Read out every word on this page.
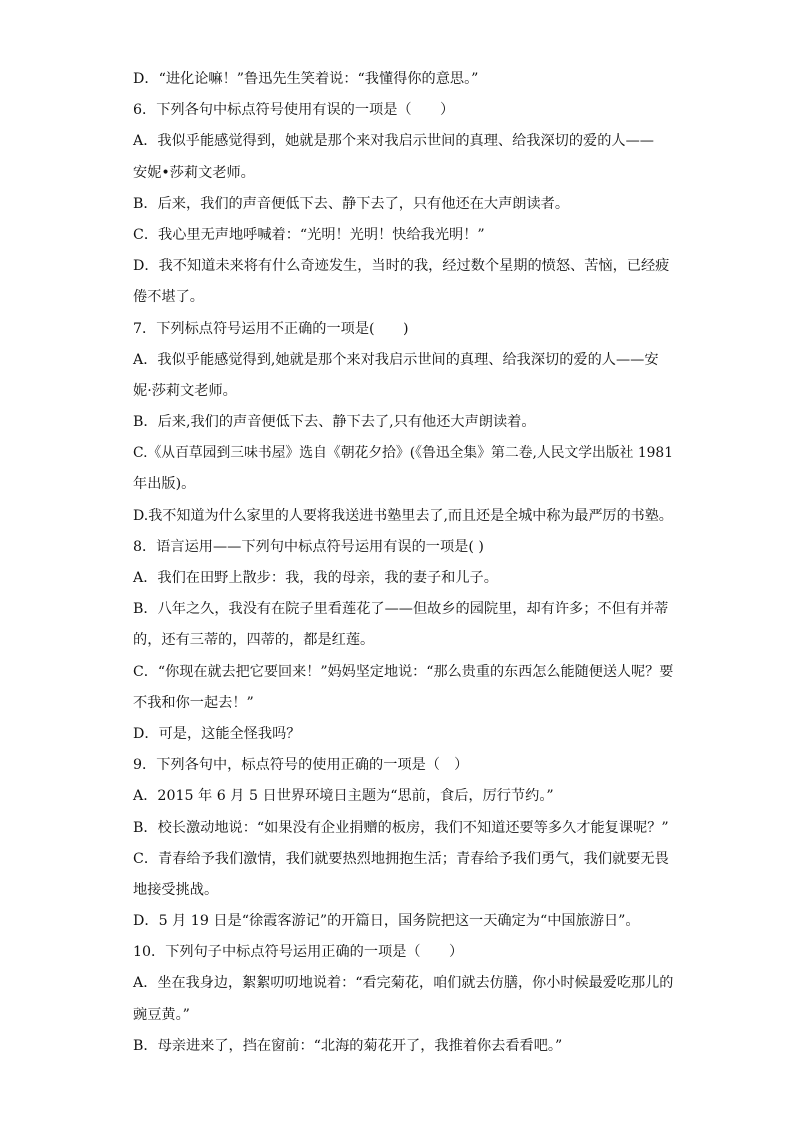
D．“进化论嘛！”鲁迅先生笑着说：“我懂得你的意思。”
6．下列各句中标点符号使用有误的一项是（　　）
A．我似乎能感觉得到，她就是那个来对我启示世间的真理、给我深切的爱的人——
安妮•莎莉文老师。
B．后来，我们的声音便低下去、静下去了，只有他还在大声朗读者。
C．我心里无声地呼喊着：“光明！光明！快给我光明！”
D．我不知道未来将有什么奇迹发生，当时的我，经过数个星期的愤怒、苦恼，已经疲
倦不堪了。
7．下列标点符号运用不正确的一项是(　　)
A．我似乎能感觉得到,她就是那个来对我启示世间的真理、给我深切的爱的人——安
妮·莎莉文老师。
B．后来,我们的声音便低下去、静下去了,只有他还大声朗读着。
C.《从百草园到三味书屋》选自《朝花夕拾》(《鲁迅全集》第二卷,人民文学出版社 1981
年出版)。
D.我不知道为什么家里的人要将我送进书塾里去了,而且还是全城中称为最严厉的书塾。
8．语言运用——下列句中标点符号运用有误的一项是( )
A．我们在田野上散步：我，我的母亲，我的妻子和儿子。
B．八年之久，我没有在院子里看莲花了——但故乡的园院里，却有许多；不但有并蒂
的，还有三蒂的，四蒂的，都是红莲。
C．“你现在就去把它要回来！”妈妈坚定地说：“那么贵重的东西怎么能随便送人呢？要
不我和你一起去！”
D．可是，这能全怪我吗？
9．下列各句中，标点符号的使用正确的一项是（　）
A．2015 年 6 月 5 日世界环境日主题为“思前，食后，厉行节约。”
B．校长激动地说：“如果没有企业捐赠的板房，我们不知道还要等多久才能复课呢？”
C．青春给予我们激情，我们就要热烈地拥抱生活；青春给予我们勇气，我们就要无畏
地接受挑战。
D．5 月 19 日是“徐霞客游记”的开篇日，国务院把这一天确定为“中国旅游日”。
10．下列句子中标点符号运用正确的一项是（　　）
A．坐在我身边，絮絮叨叨地说着：“看完菊花，咱们就去仿膳，你小时候最爱吃那儿的
豌豆黄。”
B．母亲进来了，挡在窗前：“北海的菊花开了，我推着你去看看吧。”
